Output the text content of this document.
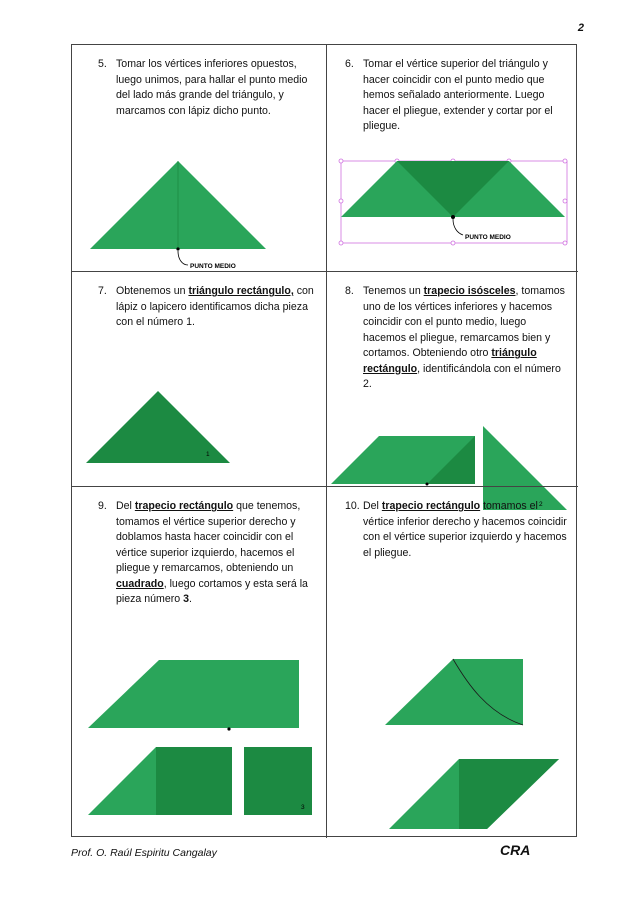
2
5. Tomar los vértices inferiores opuestos, luego unimos, para hallar el punto medio del lado más grande del triángulo, y marcamos con lápiz dicho punto.
PUNTO MEDIO
6. Tomar el vértice superior del triángulo y hacer coincidir con el punto medio que hemos señalado anteriormente. Luego hacer el pliegue, extender y cortar por el pliegue.
PUNTO MEDIO
7. Obtenemos un triángulo rectángulo, con lápiz o lapicero identificamos dicha pieza con el número 1.
1
8. Tenemos un trapecio isósceles, tomamos uno de los vértices inferiores y hacemos coincidir con el punto medio, luego hacemos el pliegue, remarcamos bien y cortamos. Obteniendo otro triángulo rectángulo, identificándola con el número 2.
2
9. Del trapecio rectángulo que tenemos, tomamos el vértice superior derecho y doblamos hasta hacer coincidir con el vértice superior izquierdo, hacemos el pliegue y remarcamos, obteniendo un cuadrado, luego cortamos y esta será la pieza número 3.
3
10. Del trapecio rectángulo tomamos el vértice inferior derecho y hacemos coincidir con el vértice superior izquierdo y hacemos el pliegue.
Prof. O. Raúl Espiritu Cangalay	CRA
